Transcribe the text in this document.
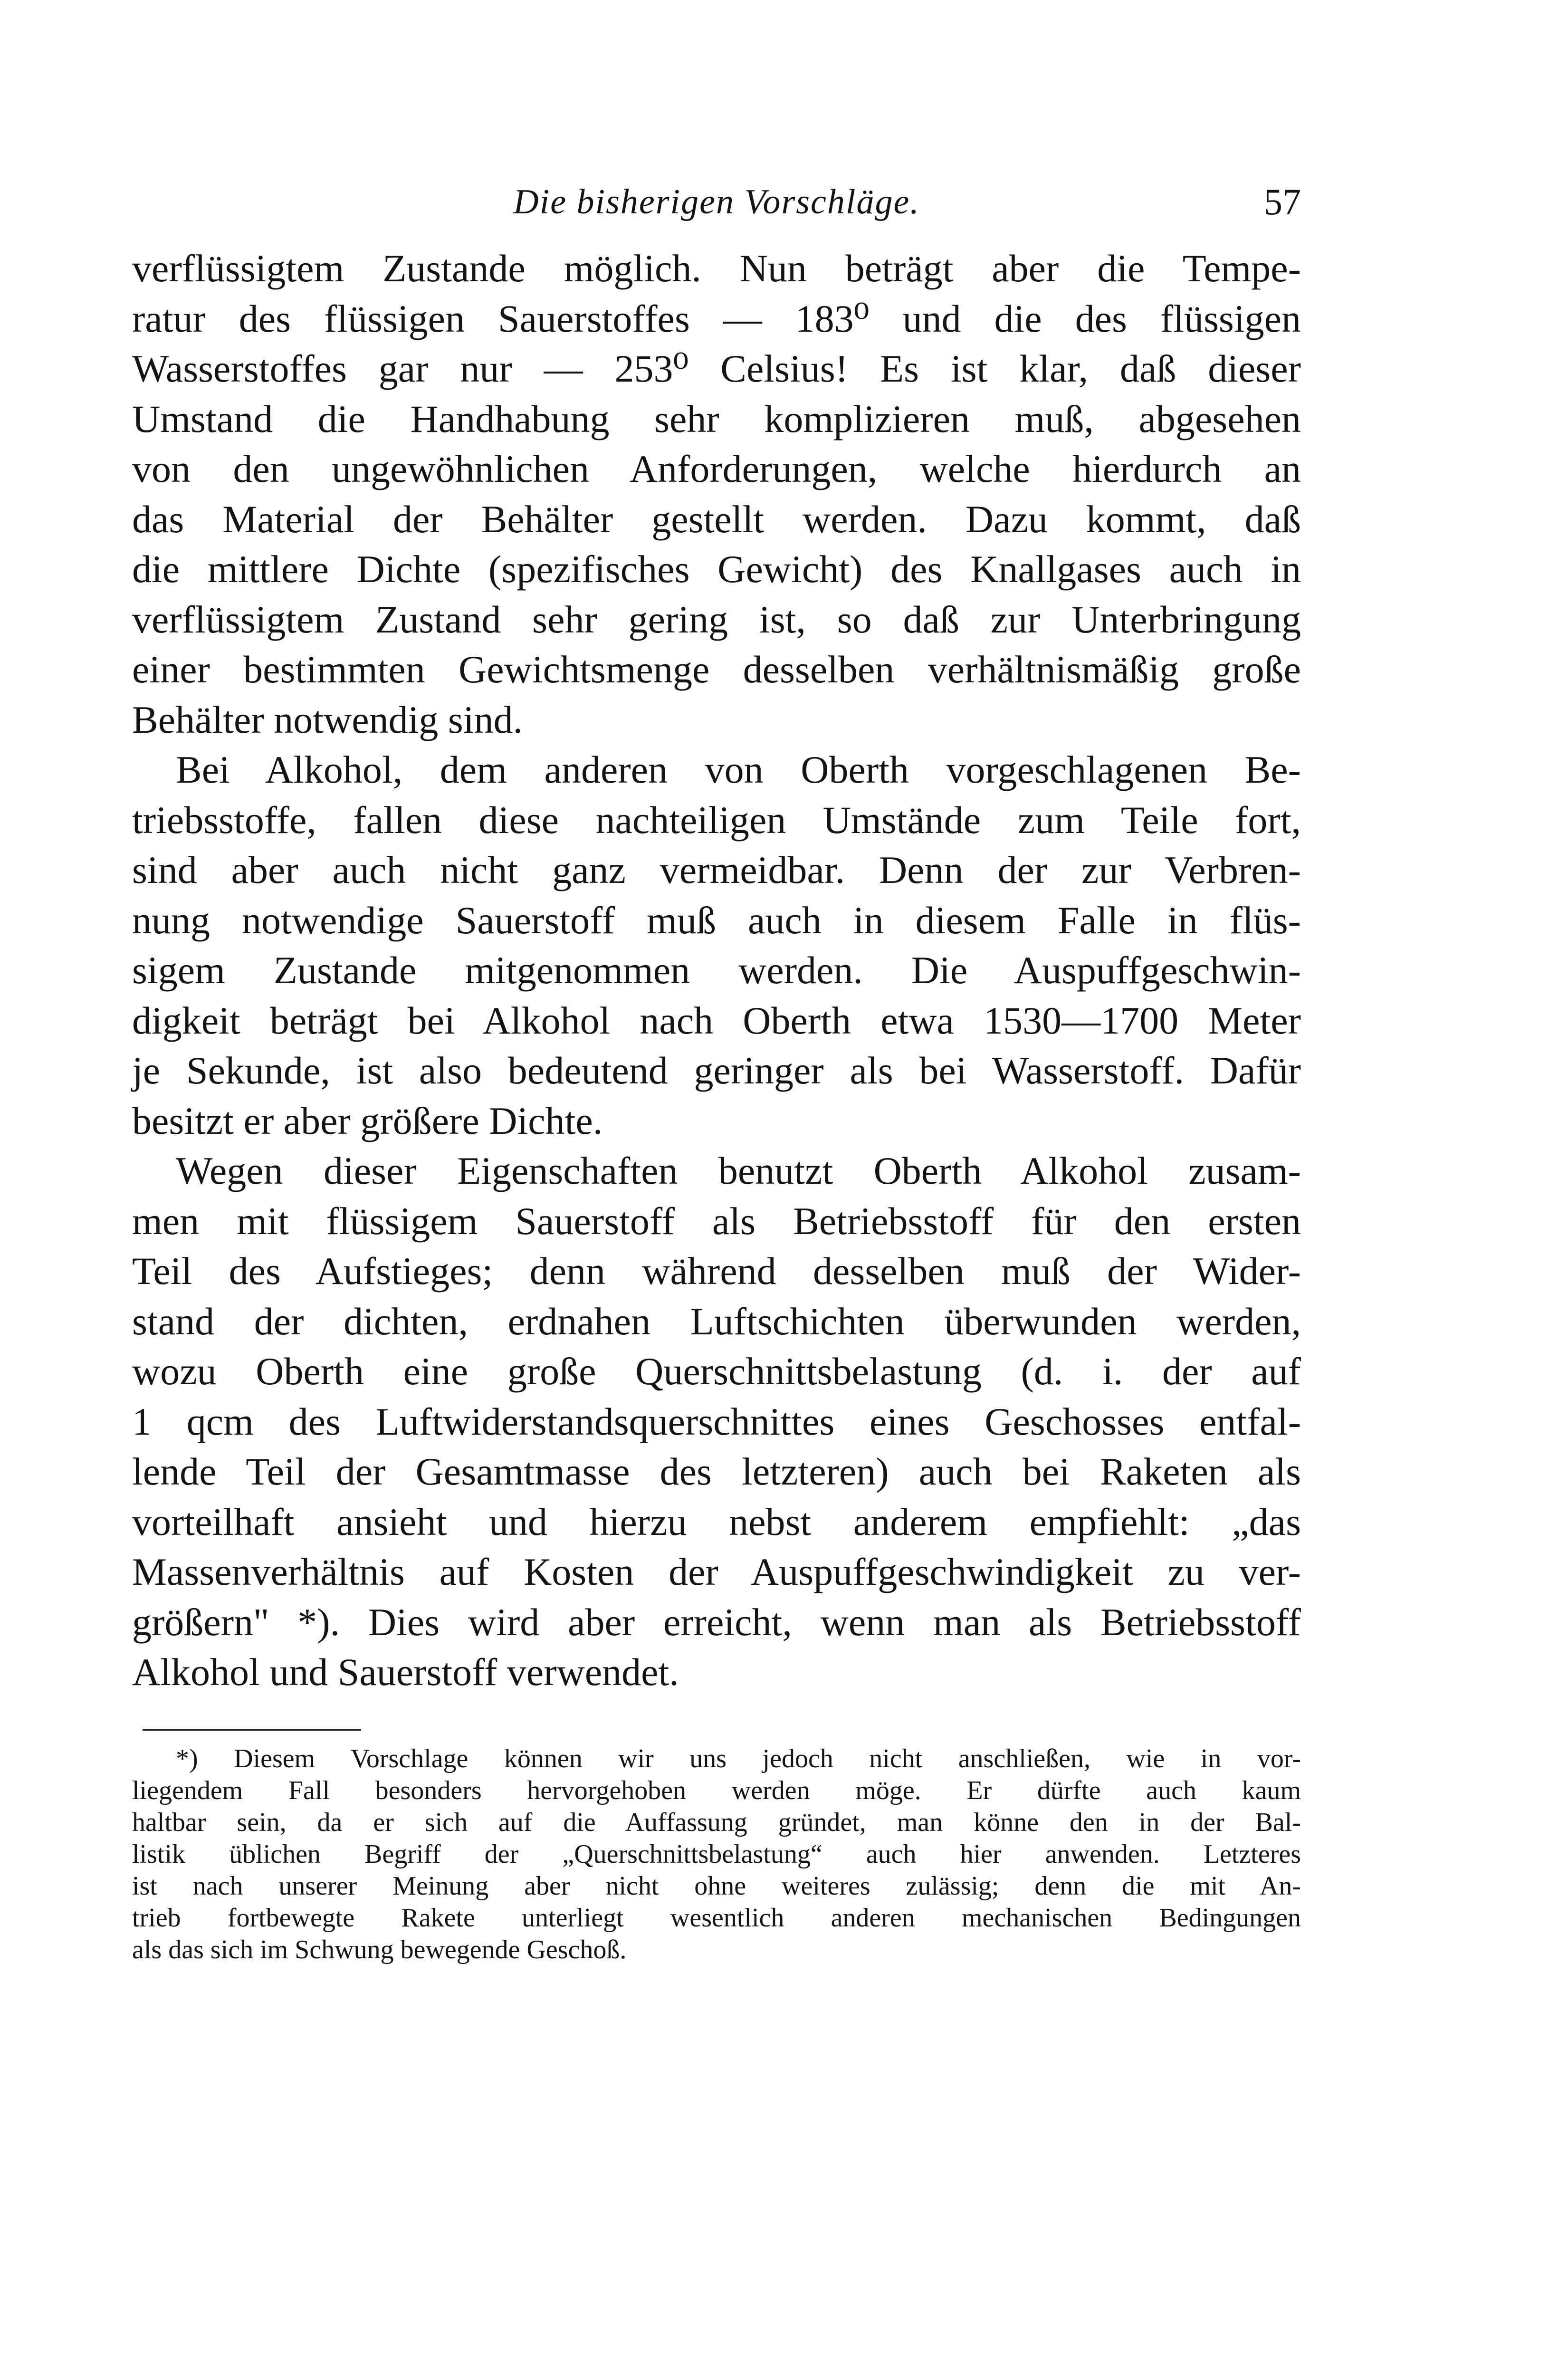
Die bisherigen Vorschläge.	57
verflüssigtem Zustande möglich. Nun beträgt aber die Tempe-
ratur des flüssigen Sauerstoffes — 183⁰ und die des flüssigen
Wasserstoffes gar nur — 253⁰ Celsius! Es ist klar, daß dieser
Umstand die Handhabung sehr komplizieren muß, abgesehen
von den ungewöhnlichen Anforderungen, welche hierdurch an
das Material der Behälter gestellt werden. Dazu kommt, daß
die mittlere Dichte (spezifisches Gewicht) des Knallgases auch in
verflüssigtem Zustand sehr gering ist, so daß zur Unterbringung
einer bestimmten Gewichtsmenge desselben verhältnismäßig große
Behälter notwendig sind.
Bei Alkohol, dem anderen von Oberth vorgeschlagenen Be-
triebsstoffe, fallen diese nachteiligen Umstände zum Teile fort,
sind aber auch nicht ganz vermeidbar. Denn der zur Verbren-
nung notwendige Sauerstoff muß auch in diesem Falle in flüs-
sigem Zustande mitgenommen werden. Die Auspuffgeschwin-
digkeit beträgt bei Alkohol nach Oberth etwa 1530—1700 Meter
je Sekunde, ist also bedeutend geringer als bei Wasserstoff. Dafür
besitzt er aber größere Dichte.
Wegen dieser Eigenschaften benutzt Oberth Alkohol zusam-
men mit flüssigem Sauerstoff als Betriebsstoff für den ersten
Teil des Aufstieges; denn während desselben muß der Wider-
stand der dichten, erdnahen Luftschichten überwunden werden,
wozu Oberth eine große Querschnittsbelastung (d. i. der auf
1 qcm des Luftwiderstandsquerschnittes eines Geschosses entfal-
lende Teil der Gesamtmasse des letzteren) auch bei Raketen als
vorteilhaft ansieht und hierzu nebst anderem empfiehlt: „das
Massenverhältnis auf Kosten der Auspuffgeschwindigkeit zu ver-
größern" *). Dies wird aber erreicht, wenn man als Betriebsstoff
Alkohol und Sauerstoff verwendet.
*) Diesem Vorschlage können wir uns jedoch nicht anschließen, wie in vor-
liegendem Fall besonders hervorgehoben werden möge. Er dürfte auch kaum
haltbar sein, da er sich auf die Auffassung gründet, man könne den in der Bal-
listik üblichen Begriff der „Querschnittsbelastung“ auch hier anwenden. Letzteres
ist nach unserer Meinung aber nicht ohne weiteres zulässig; denn die mit An-
trieb fortbewegte Rakete unterliegt wesentlich anderen mechanischen Bedingungen
als das sich im Schwung bewegende Geschoß.
